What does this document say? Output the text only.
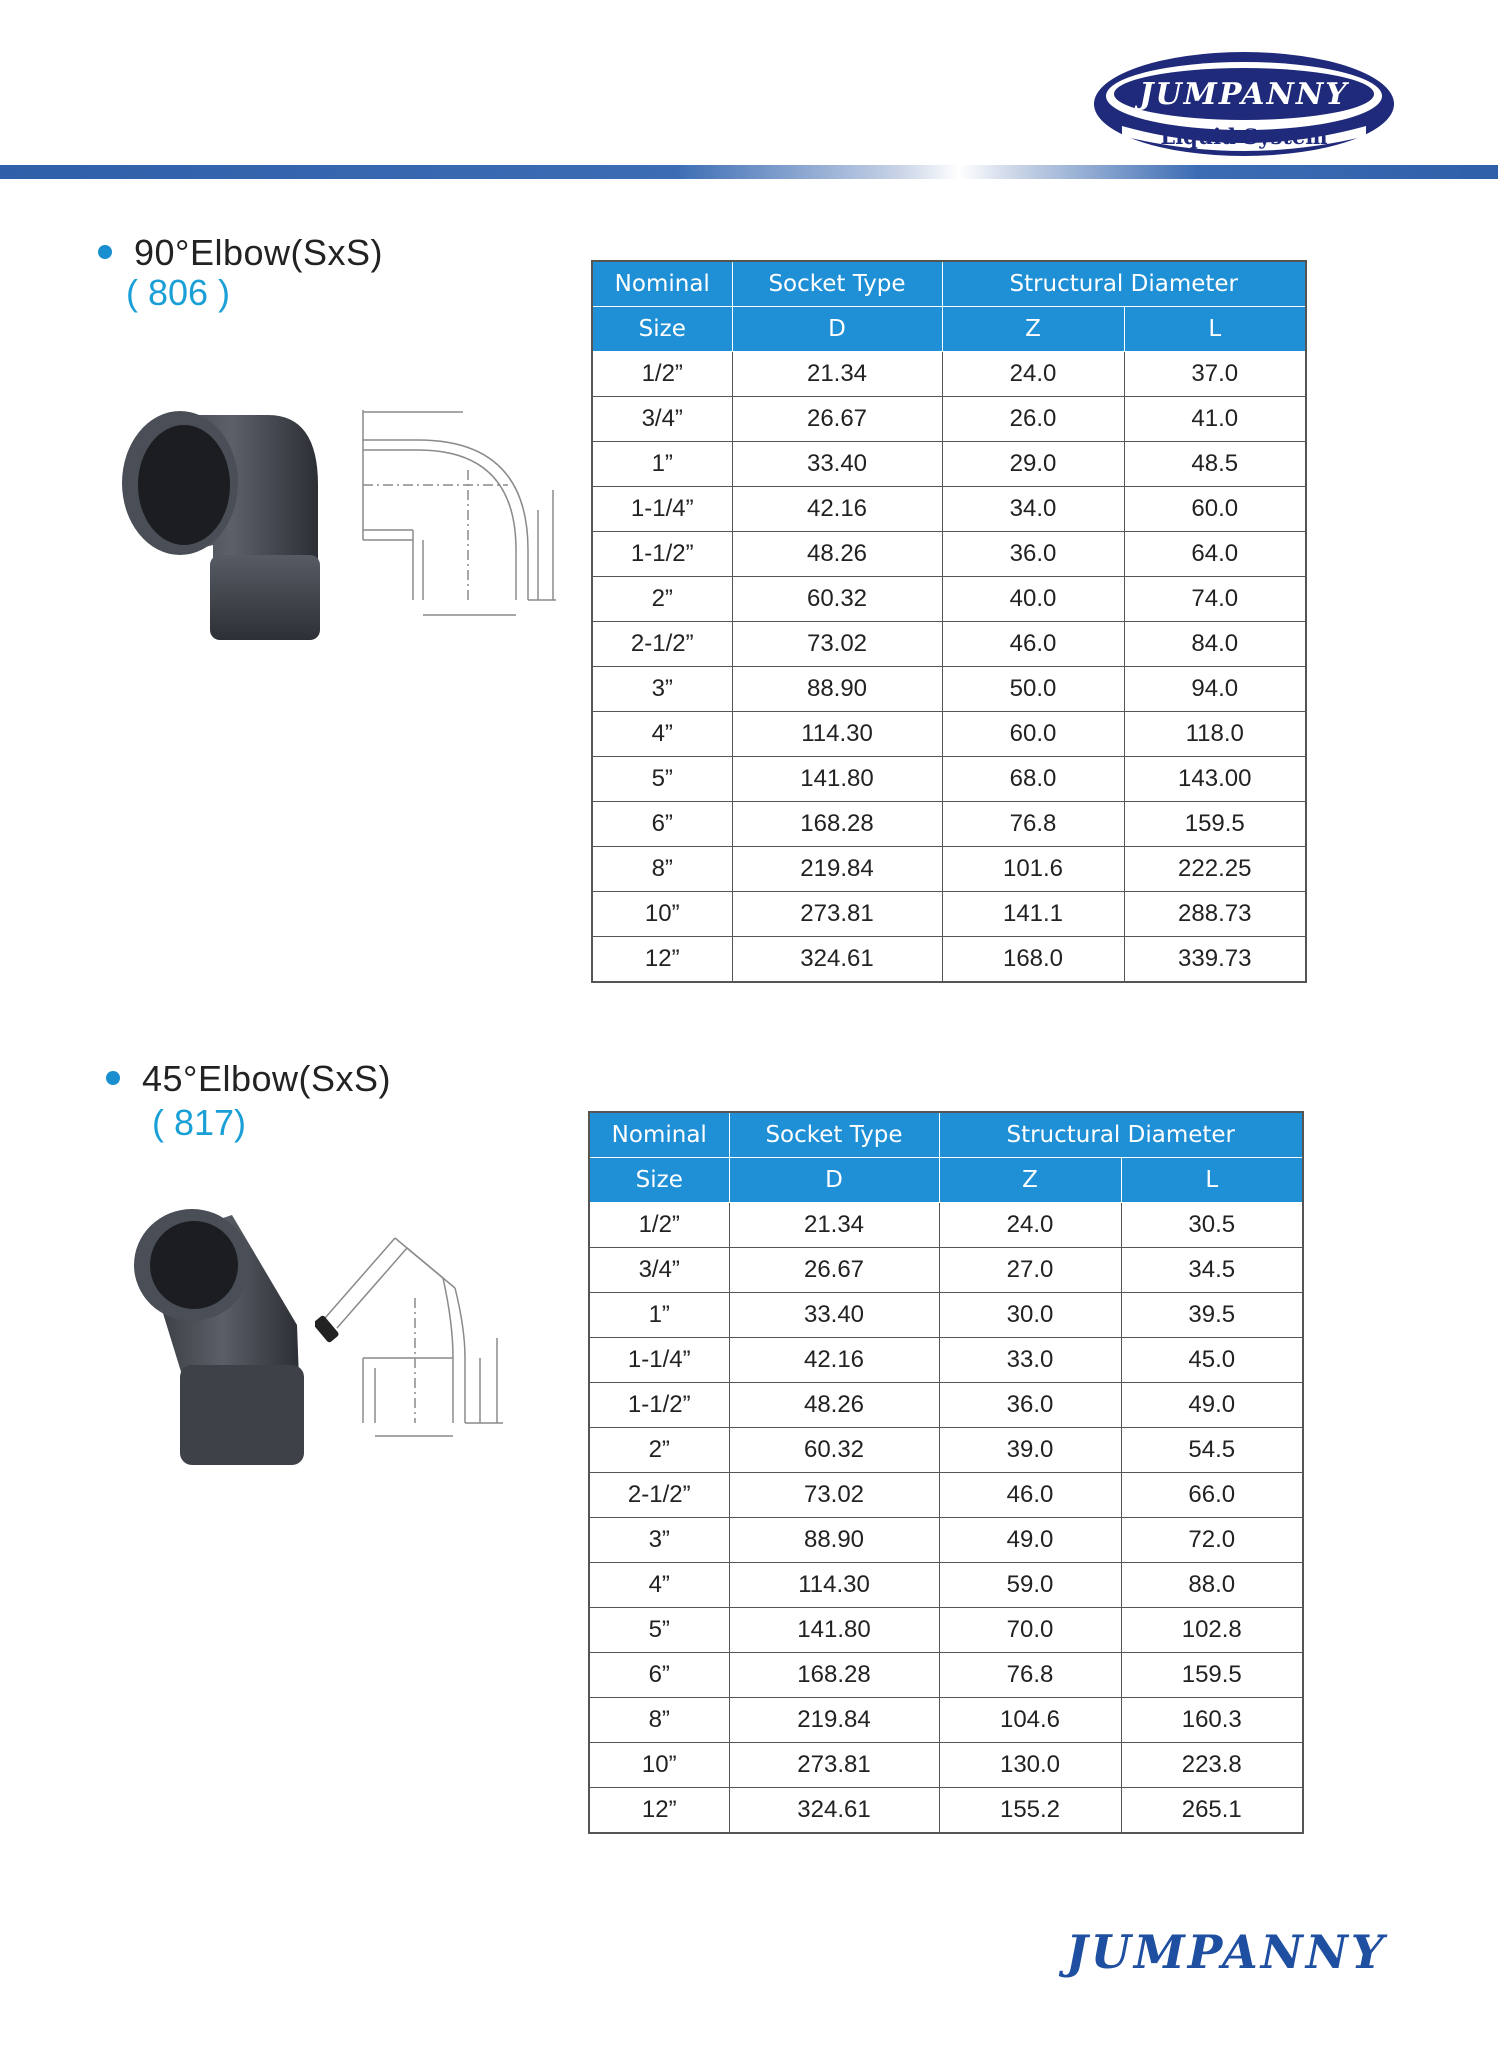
JUMPANNY
Liquid System
90°Elbow(SxS)
( 806 )	Nominal	Socket Type	Structural Diameter	
Size	D	Z	L
1/2”	21.34	24.0	37.0
3/4”	26.67	26.0	41.0
1”	33.40	29.0	48.5
1-1/4”	42.16	34.0	60.0
1-1/2”	48.26	36.0	64.0
2”	60.32	40.0	74.0
2-1/2”	73.02	46.0	84.0
3”	88.90	50.0	94.0
4”	114.30	60.0	118.0
5”	141.80	68.0	143.00
6”	168.28	76.8	159.5
8”	219.84	101.6	222.25
10”	273.81	141.1	288.73
12”	324.61	168.0	339.73
45°Elbow(SxS)
( 817)	Nominal	Socket Type	Structural Diameter	
Size	D	Z	L
1/2”	21.34	24.0	30.5
3/4”	26.67	27.0	34.5
1”	33.40	30.0	39.5
1-1/4”	42.16	33.0	45.0
1-1/2”	48.26	36.0	49.0
2”	60.32	39.0	54.5
2-1/2”	73.02	46.0	66.0
3”	88.90	49.0	72.0
4”	114.30	59.0	88.0
5”	141.80	70.0	102.8
6”	168.28	76.8	159.5
8”	219.84	104.6	160.3
10”	273.81	130.0	223.8
12”	324.61	155.2	265.1
JUMPANNY
